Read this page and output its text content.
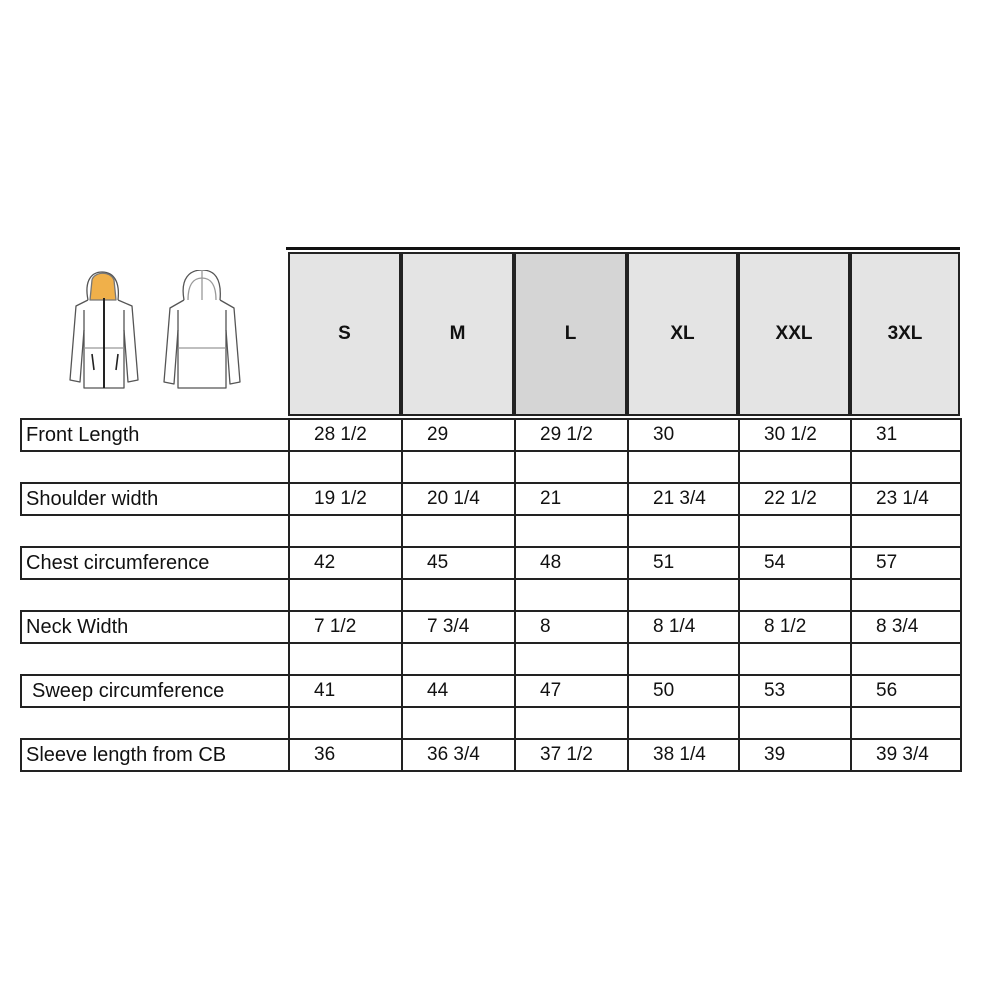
S	M	L	XL	XXL	3XL
Front Length	28 1/2	29	29 1/2	30	30 1/2	31

Shoulder width	19 1/2	20 1/4	21	21 3/4	22 1/2	23 1/4

Chest circumference	42	45	48	51	54	57

Neck Width	7 1/2	7 3/4	8	8 1/4	8 1/2	8 3/4

Sweep circumference	41	44	47	50	53	56

Sleeve length from CB	36	36 3/4	37 1/2	38 1/4	39	39 3/4
